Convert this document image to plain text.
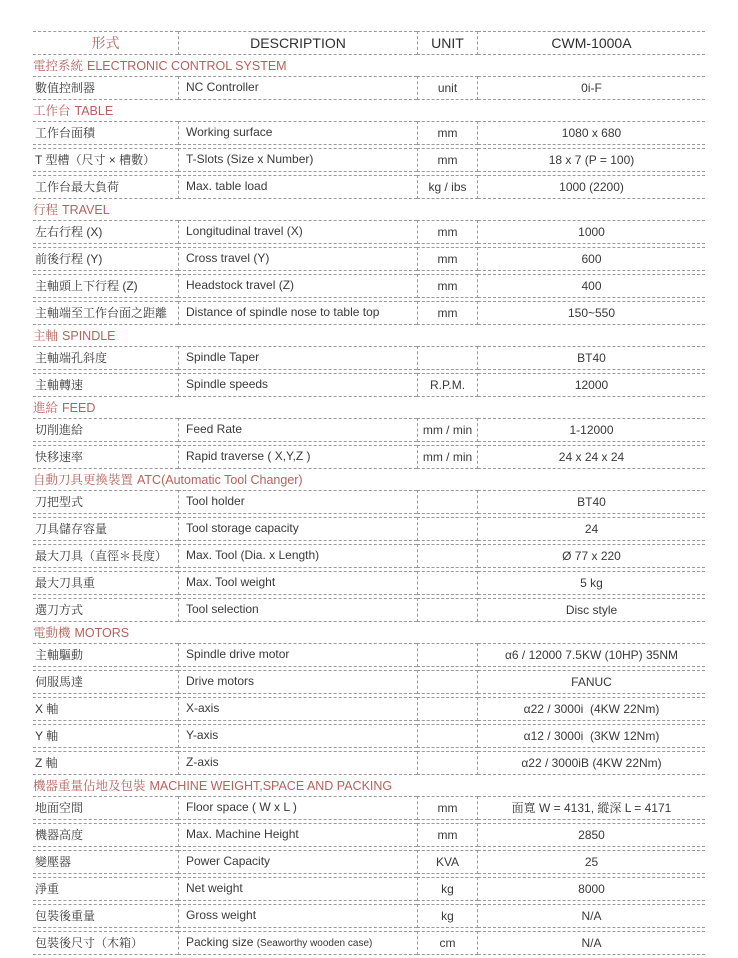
形式	DESCRIPTION	UNIT	CWM-1000A
電控系統 ELECTRONIC CONTROL SYSTEM			
數值控制器	NC Controller	unit	0i-F
工作台 TABLE			
工作台面積	Working surface	mm	1080 x 680
T 型槽（尺寸 × 槽數）	T-Slots (Size x Number)	mm	18 x 7 (P = 100)
工作台最大負荷	Max. table load	kg / ibs	1000 (2200)
行程 TRAVEL			
左右行程 (X)	Longitudinal travel (X)	mm	1000
前後行程 (Y)	Cross travel (Y)	mm	600
主軸頭上下行程 (Z)	Headstock travel (Z)	mm	400
主軸端至工作台面之距離	Distance of spindle nose to table top	mm	150~550
主軸 SPINDLE			
主軸端孔斜度	Spindle Taper		BT40
主軸轉速	Spindle speeds	R.P.M.	12000
進給 FEED			
切削進給	Feed Rate	mm / min	1-12000
快移速率	Rapid traverse ( X,Y,Z )	mm / min	24 x 24 x 24
自動刀具更換裝置 ATC(Automatic Tool Changer)			
刀把型式	Tool holder		BT40
刀具儲存容量	Tool storage capacity		24
最大刀具（直徑＊長度）	Max. Tool (Dia. x Length)		Ø 77 x 220
最大刀具重	Max. Tool weight		5 kg
選刀方式	Tool selection		Disc style
電動機 MOTORS			
主軸驅動	Spindle drive motor		α6 / 12000 7.5KW (10HP) 35NM
伺服馬達	Drive motors		FANUC
X 軸	X-axis		α22 / 3000i  (4KW 22Nm)
Y 軸	Y-axis		α12 / 3000i  (3KW 12Nm)
Z 軸	Z-axis		α22 / 3000iB (4KW 22Nm)
機器重量佔地及包裝 MACHINE WEIGHT,SPACE AND PACKING			
地面空間	Floor space ( W x L )	mm	面寬 W = 4131, 縱深 L = 4171
機器高度	Max. Machine Height	mm	2850
變壓器	Power Capacity	KVA	25
淨重	Net weight	kg	8000
包裝後重量	Gross weight	kg	N/A
包裝後尺寸（木箱）	Packing size (Seaworthy wooden case)	cm	N/A
